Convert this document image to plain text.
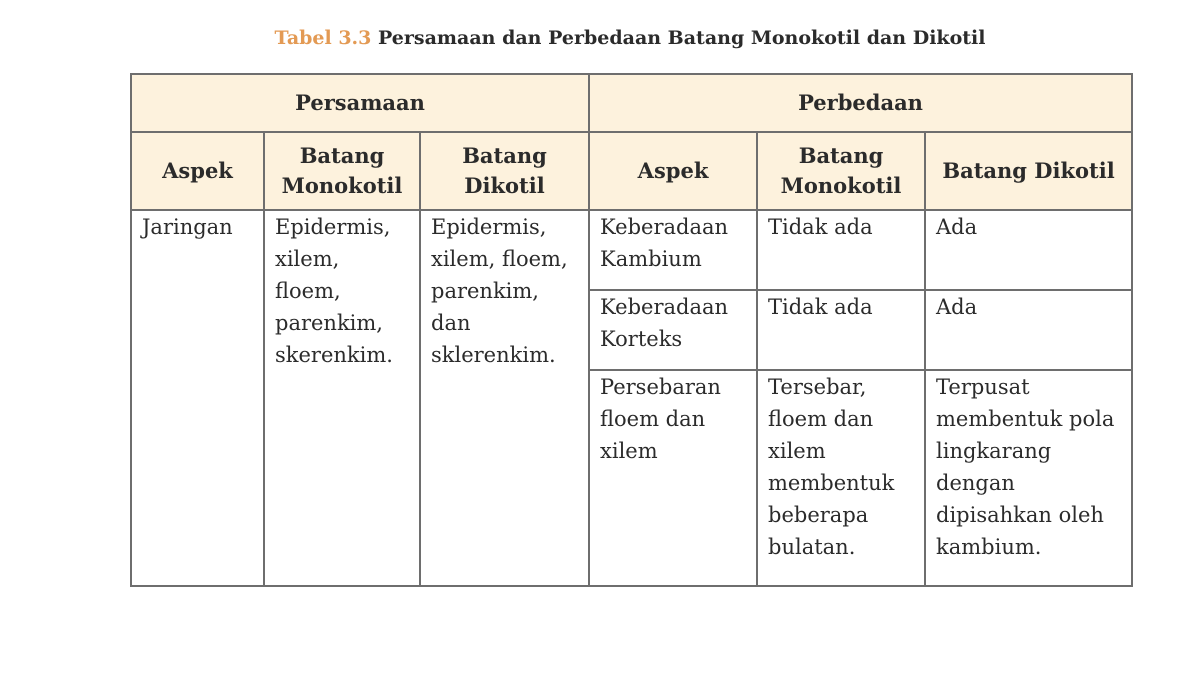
Tabel 3.3 Persamaan dan Perbedaan Batang Monokotil dan Dikotil
Persamaan			Perbedaan		
Aspek	Batang Monokotil	Batang Dikotil	Aspek	Batang Monokotil	Batang Dikotil
Jaringan	Epidermis, xilem, floem, parenkim, skerenkim.	Epidermis, xilem, floem, parenkim, dan sklerenkim.	Keberadaan Kambium	Tidak ada	Ada
			Keberadaan Korteks	Tidak ada	Ada
			Persebaran floem dan xilem	Tersebar, floem dan xilem membentuk beberapa bulatan.	Terpusat membentuk pola lingkarang dengan dipisahkan oleh kambium.
